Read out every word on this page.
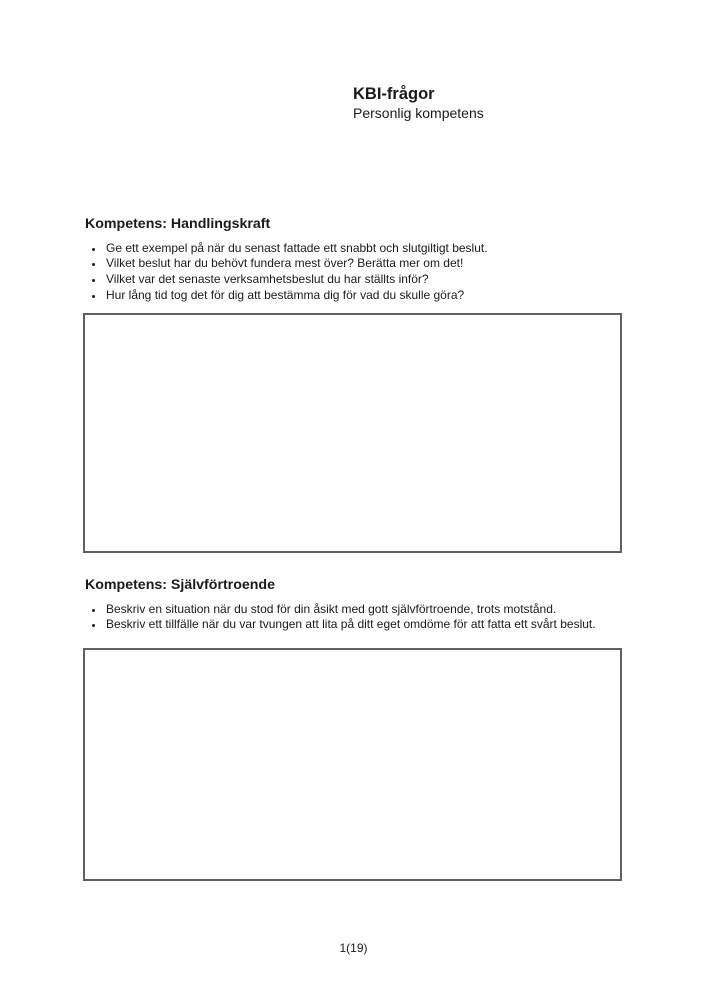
KBI-frågor
Personlig kompetens
Kompetens: Handlingskraft
• Ge ett exempel på när du senast fattade ett snabbt och slutgiltigt beslut.
• Vilket beslut har du behövt fundera mest över? Berätta mer om det!
• Vilket var det senaste verksamhetsbeslut du har ställts inför?
• Hur lång tid tog det för dig att bestämma dig för vad du skulle göra?
Kompetens: Självförtroende
• Beskriv en situation när du stod för din åsikt med gott självförtroende, trots motstånd.
• Beskriv ett tillfälle när du var tvungen att lita på ditt eget omdöme för att fatta ett svårt beslut.
1(19)
